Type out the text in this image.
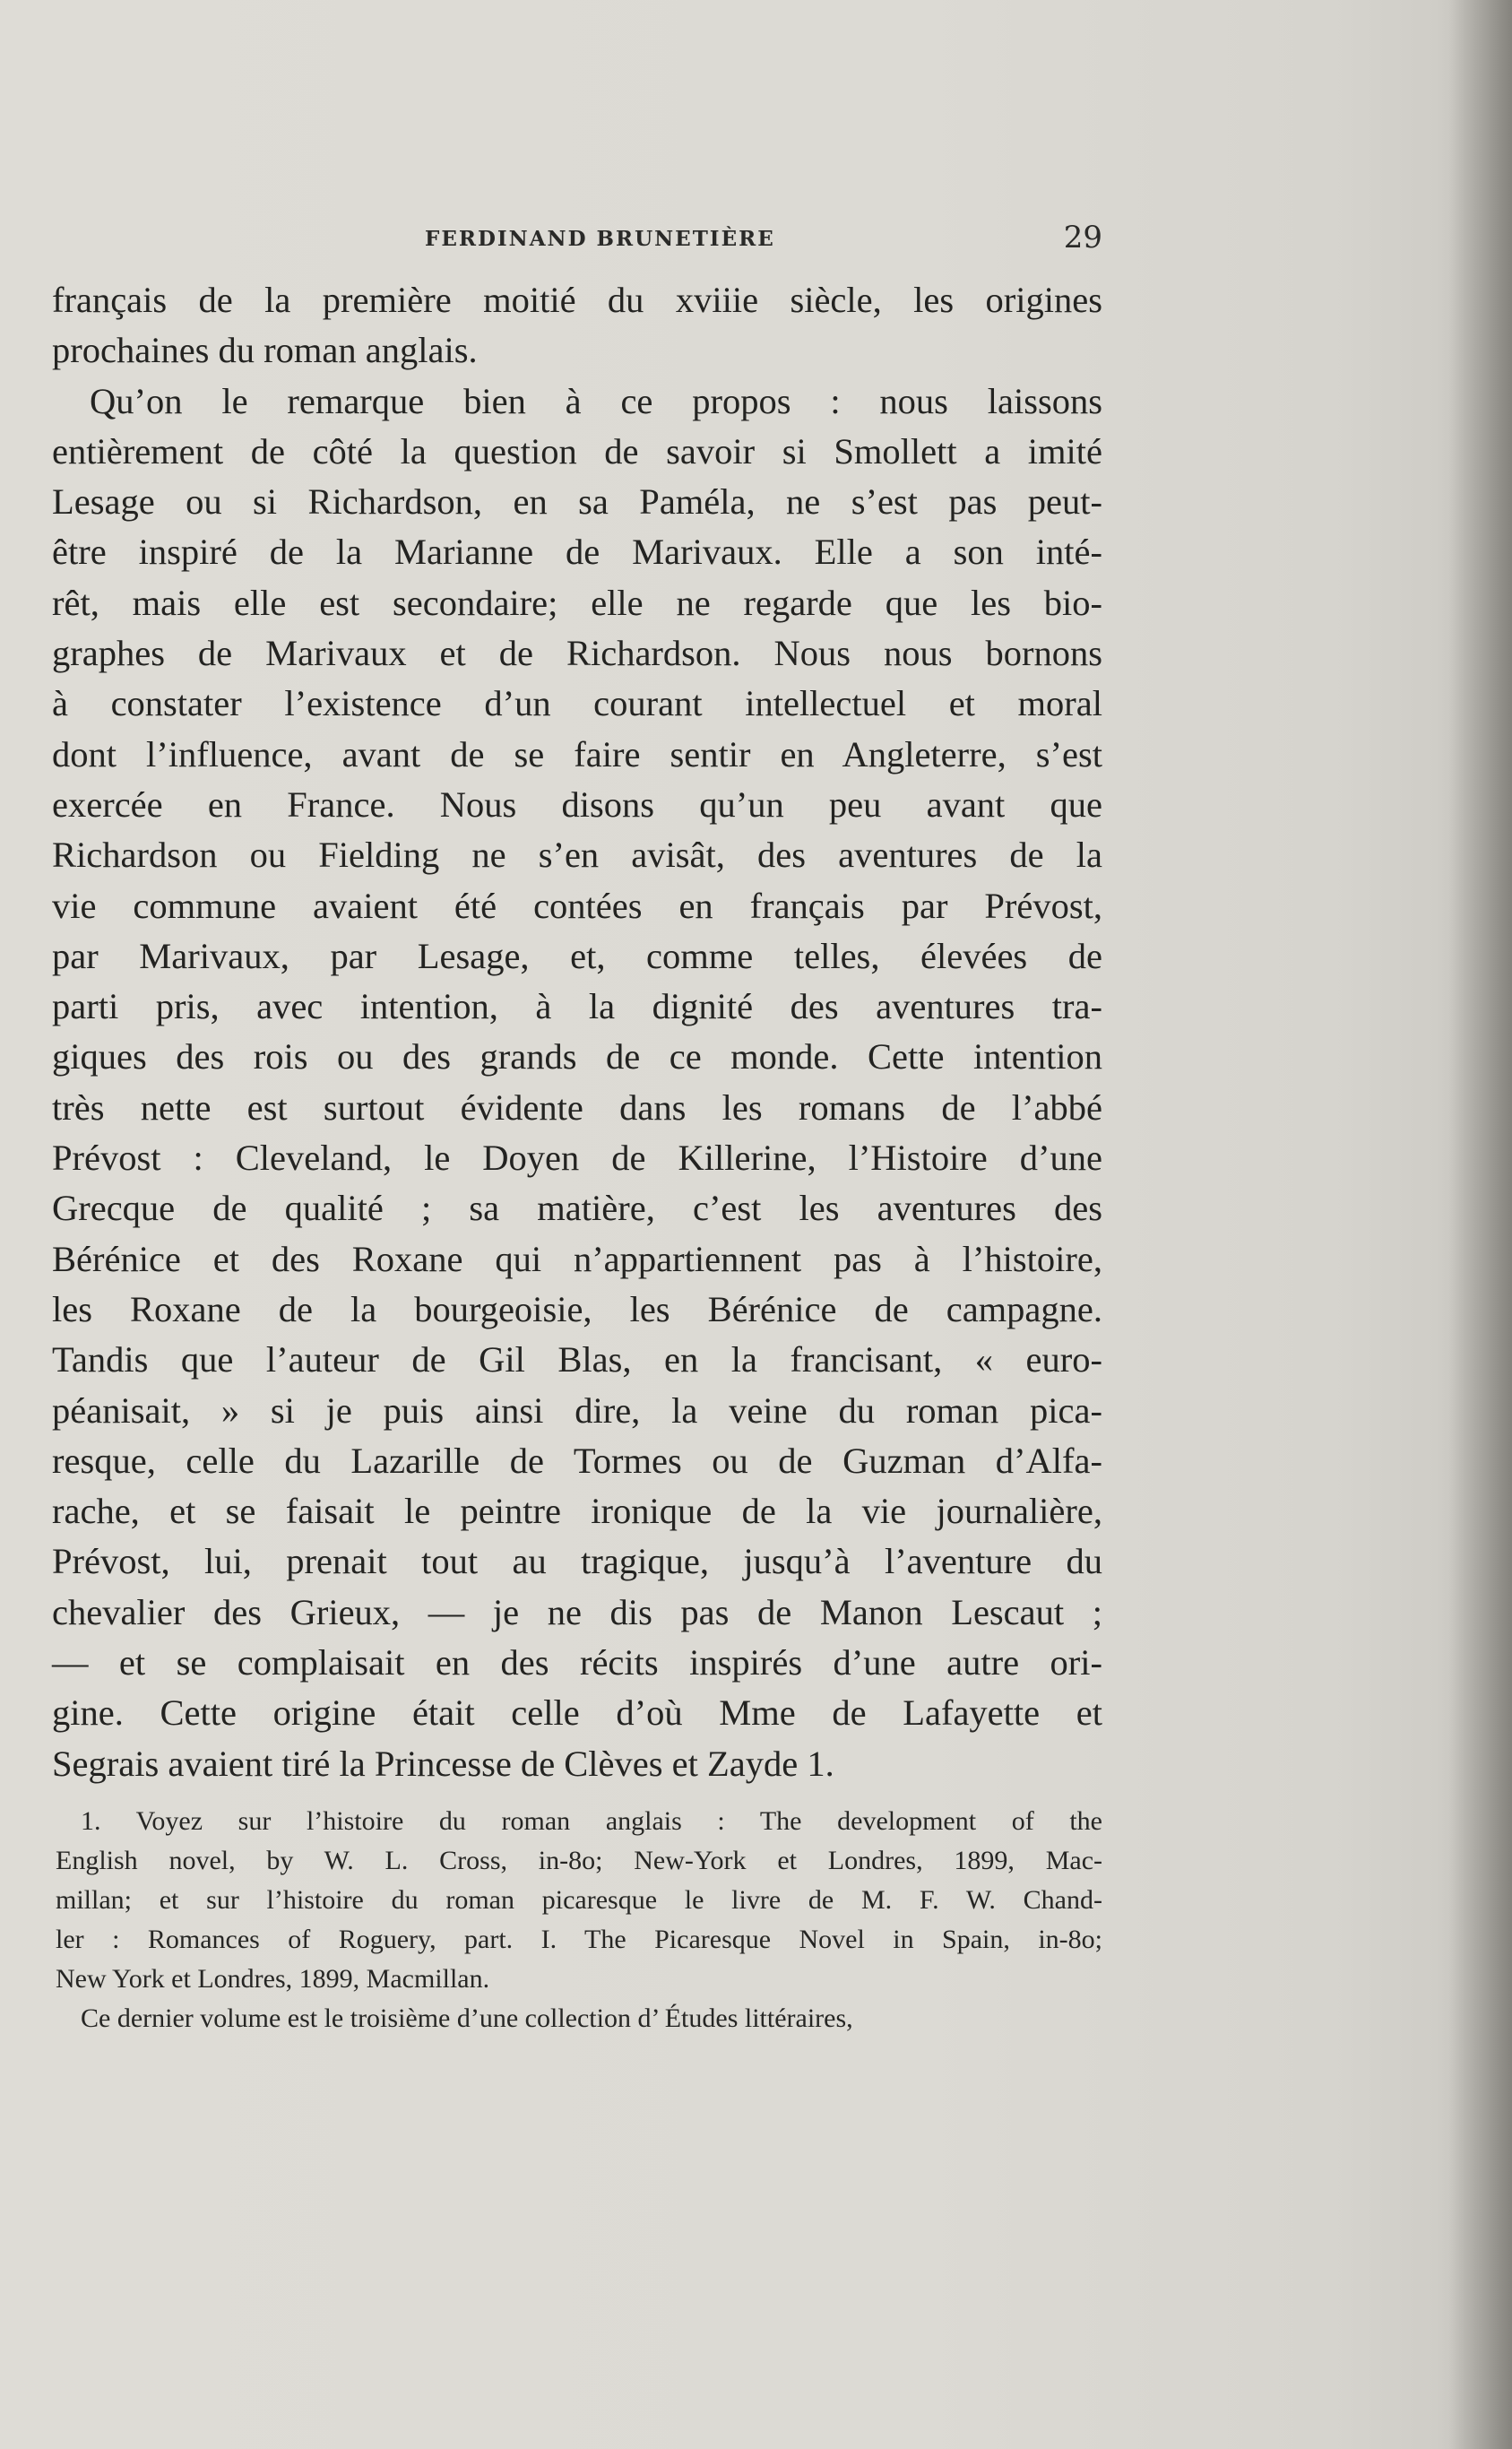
FERDINAND BRUNETIÈRE	29
français de la première moitié du xviiie siècle, les origines
prochaines du roman anglais.
Qu’on le remarque bien à ce propos : nous laissons
entièrement de côté la question de savoir si Smollett a imité
Lesage ou si Richardson, en sa Paméla, ne s’est pas peut-
être inspiré de la Marianne de Marivaux. Elle a son inté-
rêt, mais elle est secondaire; elle ne regarde que les bio-
graphes de Marivaux et de Richardson. Nous nous bornons
à constater l’existence d’un courant intellectuel et moral
dont l’influence, avant de se faire sentir en Angleterre, s’est
exercée en France. Nous disons qu’un peu avant que
Richardson ou Fielding ne s’en avisât, des aventures de la
vie commune avaient été contées en français par Prévost,
par Marivaux, par Lesage, et, comme telles, élevées de
parti pris, avec intention, à la dignité des aventures tra-
giques des rois ou des grands de ce monde. Cette intention
très nette est surtout évidente dans les romans de l’abbé
Prévost : Cleveland, le Doyen de Killerine, l’Histoire d’une
Grecque de qualité ; sa matière, c’est les aventures des
Bérénice et des Roxane qui n’appartiennent pas à l’histoire,
les Roxane de la bourgeoisie, les Bérénice de campagne.
Tandis que l’auteur de Gil Blas, en la francisant, « euro-
péanisait, » si je puis ainsi dire, la veine du roman pica-
resque, celle du Lazarille de Tormes ou de Guzman d’Alfa-
rache, et se faisait le peintre ironique de la vie journalière,
Prévost, lui, prenait tout au tragique, jusqu’à l’aventure du
chevalier des Grieux, — je ne dis pas de Manon Lescaut ;
— et se complaisait en des récits inspirés d’une autre ori-
gine. Cette origine était celle d’où Mme de Lafayette et
Segrais avaient tiré la Princesse de Clèves et Zayde 1.
1. Voyez sur l’histoire du roman anglais : The development of the
English novel, by W. L. Cross, in-8o; New-York et Londres, 1899, Mac-
millan; et sur l’histoire du roman picaresque le livre de M. F. W. Chand-
ler : Romances of Roguery, part. I. The Picaresque Novel in Spain, in-8o;
New York et Londres, 1899, Macmillan.
Ce dernier volume est le troisième d’une collection d’ Études littéraires,
